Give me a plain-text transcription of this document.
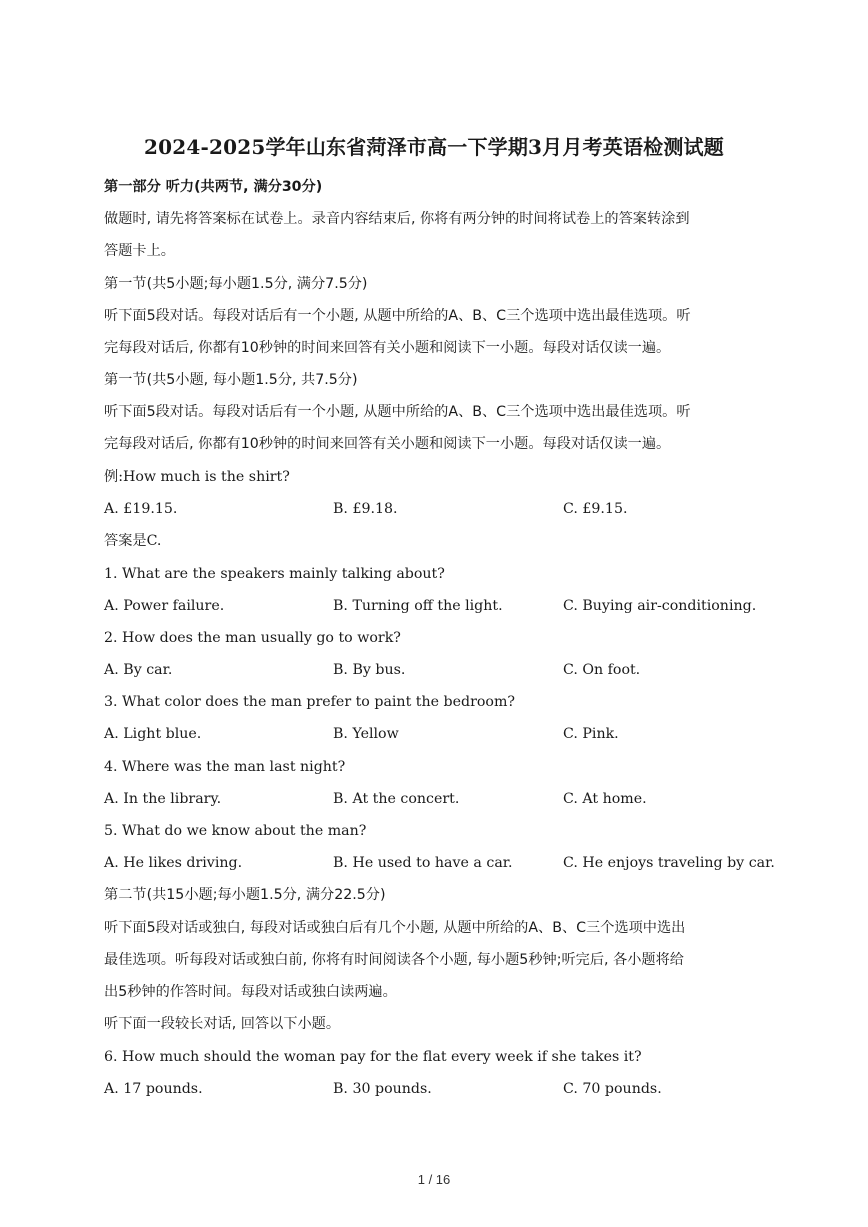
2024-2025学年山东省菏泽市高一下学期3月月考英语检测试题
第一部分 听力(共两节, 满分30分)
做题时, 请先将答案标在试卷上。录音内容结束后, 你将有两分钟的时间将试卷上的答案转涂到
答题卡上。
第一节(共5小题;每小题1.5分, 满分7.5分)
听下面5段对话。每段对话后有一个小题, 从题中所给的A、B、C三个选项中选出最佳选项。听
完每段对话后, 你都有10秒钟的时间来回答有关小题和阅读下一小题。每段对话仅读一遍。
第一节(共5小题, 每小题1.5分, 共7.5分)
听下面5段对话。每段对话后有一个小题, 从题中所给的A、B、C三个选项中选出最佳选项。听
完每段对话后, 你都有10秒钟的时间来回答有关小题和阅读下一小题。每段对话仅读一遍。
例:How much is the shirt?
A. £19.15.	B. £9.18.	C. £9.15.
答案是C.
1. What are the speakers mainly talking about?
A. Power failure.	B. Turning off the light.	C. Buying air-conditioning.
2. How does the man usually go to work?
A. By car.	B. By bus.	C. On foot.
3. What color does the man prefer to paint the bedroom?
A. Light blue.	B. Yellow	C. Pink.
4. Where was the man last night?
A. In the library.	B. At the concert.	C. At home.
5. What do we know about the man?
A. He likes driving.	B. He used to have a car.	C. He enjoys traveling by car.
第二节(共15小题;每小题1.5分, 满分22.5分)
听下面5段对话或独白, 每段对话或独白后有几个小题, 从题中所给的A、B、C三个选项中选出
最佳选项。听每段对话或独白前, 你将有时间阅读各个小题, 每小题5秒钟;听完后, 各小题将给
出5秒钟的作答时间。每段对话或独白读两遍。
听下面一段较长对话, 回答以下小题。
6. How much should the woman pay for the flat every week if she takes it?
A. 17 pounds.	B. 30 pounds.	C. 70 pounds.
1 / 16
